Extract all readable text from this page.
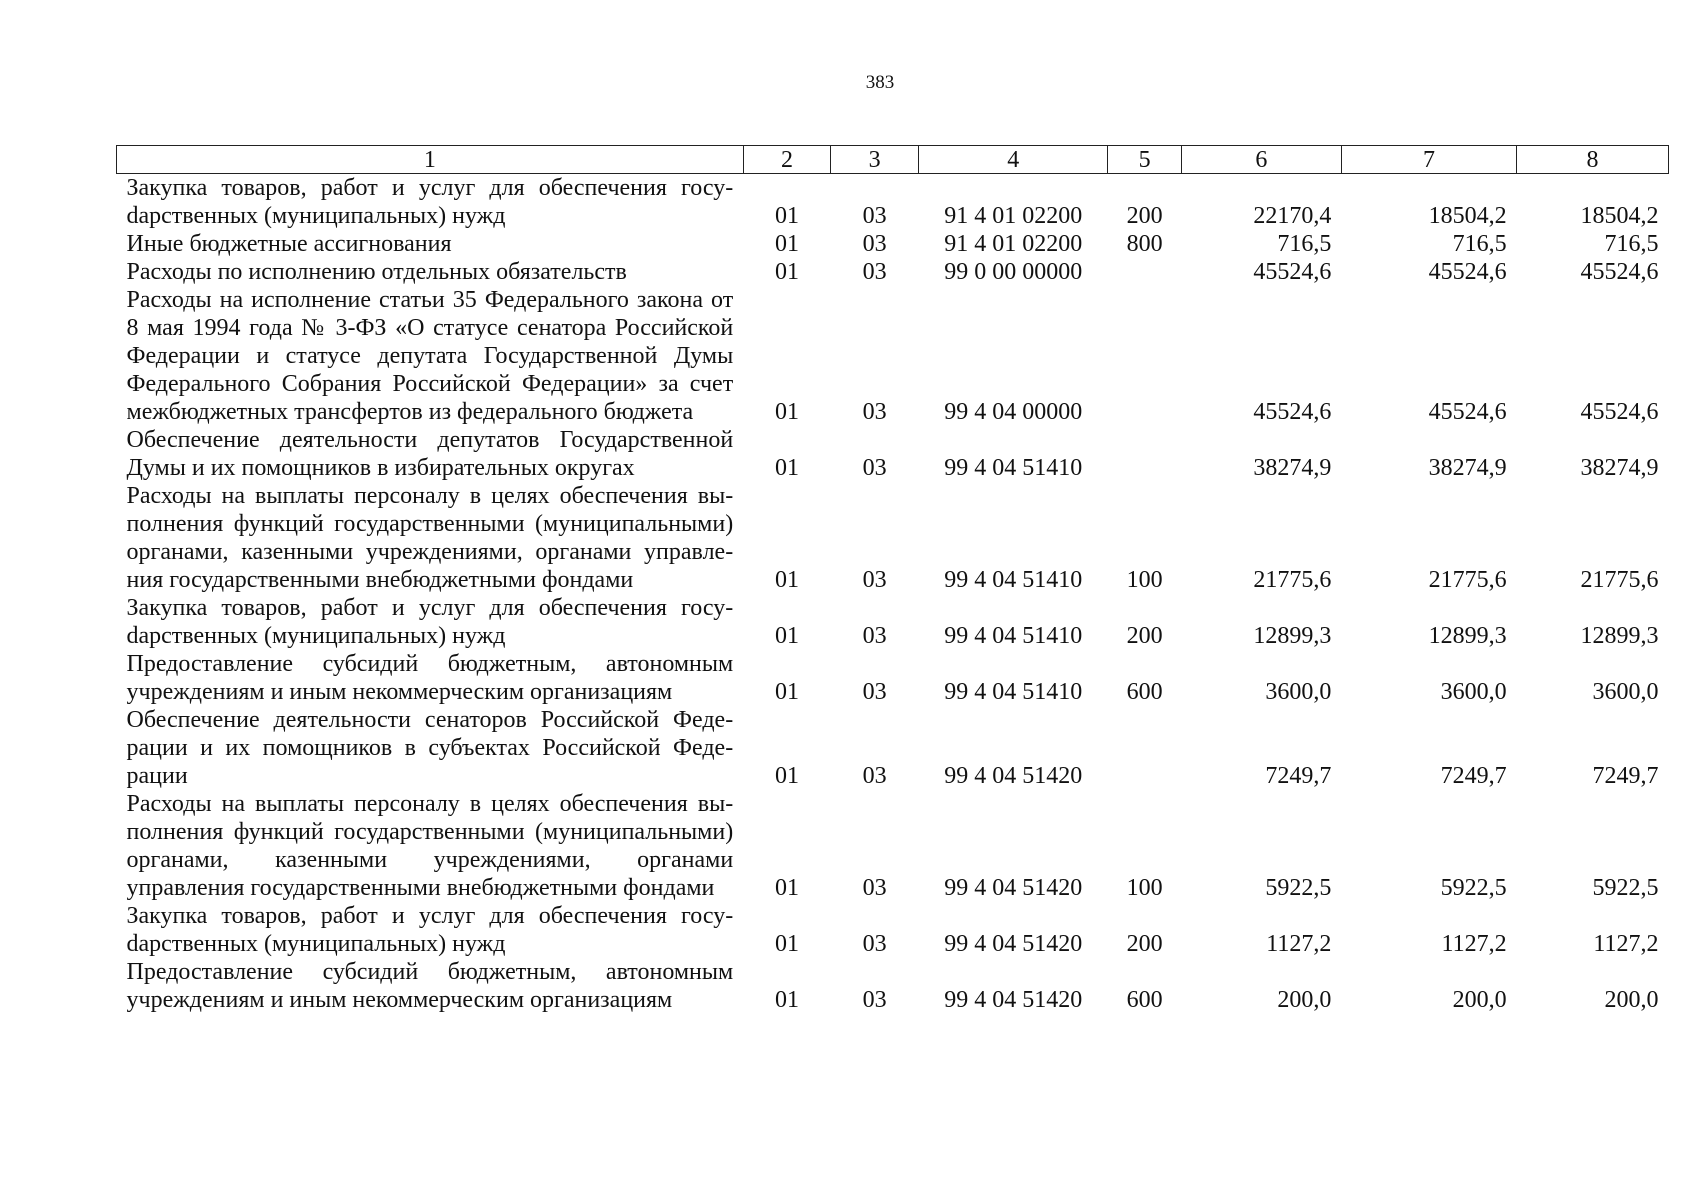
383
1	2	3	4	5	6	7	8
Закупка товаров, работ и услуг для обеспечения госуdарственных (муниципальных) нужд	01	03	91 4 01 02200	200	22170,4	18504,2	18504,2
Иные бюджетные ассигнования	01	03	91 4 01 02200	800	716,5	716,5	716,5
Расходы по исполнению отдельных обязательств	01	03	99 0 00 00000		45524,6	45524,6	45524,6
Расходы на исполнение статьи 35 Федерального закона от 8 мая 1994 года № 3-ФЗ «О статусе сенатора Российской Федерации и статусе депутата Государственной Думы Федерального Собрания Российской Федерации» за счет межбюджетных трансфертов из федерального бюджета	01	03	99 4 04 00000		45524,6	45524,6	45524,6
Обеспечение деятельности депутатов Государственной Думы и их помощников в избирательных округах	01	03	99 4 04 51410		38274,9	38274,9	38274,9
Расходы на выплаты персоналу в целях обеспечения выполнения функций государственными (муниципальными) органами, казенными учреждениями, органами управления государственными внебюджетными фондами	01	03	99 4 04 51410	100	21775,6	21775,6	21775,6
Закупка товаров, работ и услуг для обеспечения госуdарственных (муниципальных) нужд	01	03	99 4 04 51410	200	12899,3	12899,3	12899,3
Предоставление субсидий бюджетным, автономным учреждениям и иным некоммерческим организациям	01	03	99 4 04 51410	600	3600,0	3600,0	3600,0
Обеспечение деятельности сенаторов Российской Федерации и их помощников в субъектах Российской Федерации	01	03	99 4 04 51420		7249,7	7249,7	7249,7
Расходы на выплаты персоналу в целях обеспечения выполнения функций государственными (муниципальными) органами, казенными учреждениями, органами управления государственными внебюджетными фондами	01	03	99 4 04 51420	100	5922,5	5922,5	5922,5
Закупка товаров, работ и услуг для обеспечения госуdарственных (муниципальных) нужд	01	03	99 4 04 51420	200	1127,2	1127,2	1127,2
Предоставление субсидий бюджетным, автономным учреждениям и иным некоммерческим организациям	01	03	99 4 04 51420	600	200,0	200,0	200,0
